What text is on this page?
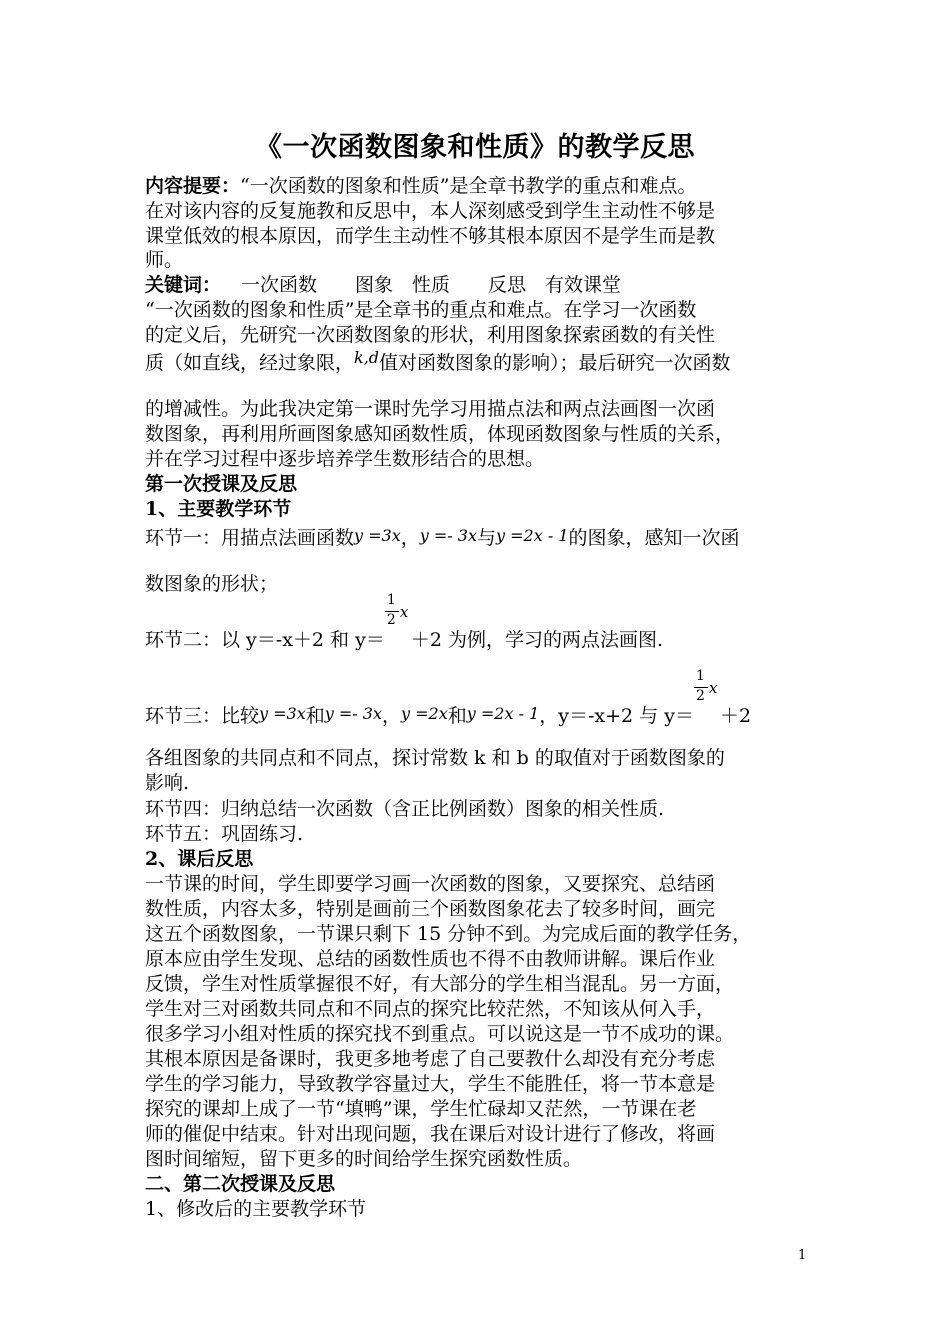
《一次函数图象和性质》的教学反思
内容提要：“一次函数的图象和性质”是全章书教学的重点和难点。
在对该内容的反复施教和反思中，本人深刻感受到学生主动性不够是
课堂低效的根本原因，而学生主动性不够其根本原因不是学生而是教
师。
关键词： 一次函数　　图象　性质　　反思　有效课堂
“一次函数的图象和性质”是全章书的重点和难点。在学习一次函数
的定义后，先研究一次函数图象的形状，利用图象探索函数的有关性
质（如直线，经过象限，$^{k,d}$值对函数图象的影响）；最后研究一次函数
的增减性。为此我决定第一课时先学习用描点法和两点法画图一次函
数图象，再利用所画图象感知函数性质，体现函数图象与性质的关系，
并在学习过程中逐步培养学生数形结合的思想。
第一次授课及反思
1、主要教学环节
环节一：用描点法画函数y =3x，y =- 3x与y =2x - 1的图象，感知一次函
数图象的形状；
环节二：以 y＝-x＋2 和 y＝
1
2 x
＋2 为例，学习的两点法画图.
环节三：比较y =3x和y =- 3x，y =2x和y =2x - 1，y＝-x+2 与 y＝
1
2 x
＋2
各组图象的共同点和不同点，探讨常数 k 和 b 的取值对于函数图象的
影响.
环节四：归纳总结一次函数（含正比例函数）图象的相关性质.
环节五：巩固练习.
2、课后反思
一节课的时间，学生即要学习画一次函数的图象，又要探究、总结函
数性质，内容太多，特别是画前三个函数图象花去了较多时间，画完
这五个函数图象，一节课只剩下 15 分钟不到。为完成后面的教学任务，
原本应由学生发现、总结的函数性质也不得不由教师讲解。课后作业
反馈，学生对性质掌握很不好，有大部分的学生相当混乱。另一方面，
学生对三对函数共同点和不同点的探究比较茫然，不知该从何入手，
很多学习小组对性质的探究找不到重点。可以说这是一节不成功的课。
其根本原因是备课时，我更多地考虑了自己要教什么却没有充分考虑
学生的学习能力，导致教学容量过大，学生不能胜任，将一节本意是
探究的课却上成了一节“填鸭”课，学生忙碌却又茫然，一节课在老
师的催促中结束。针对出现问题，我在课后对设计进行了修改，将画
图时间缩短，留下更多的时间给学生探究函数性质。
二、第二次授课及反思
1、修改后的主要教学环节
1
